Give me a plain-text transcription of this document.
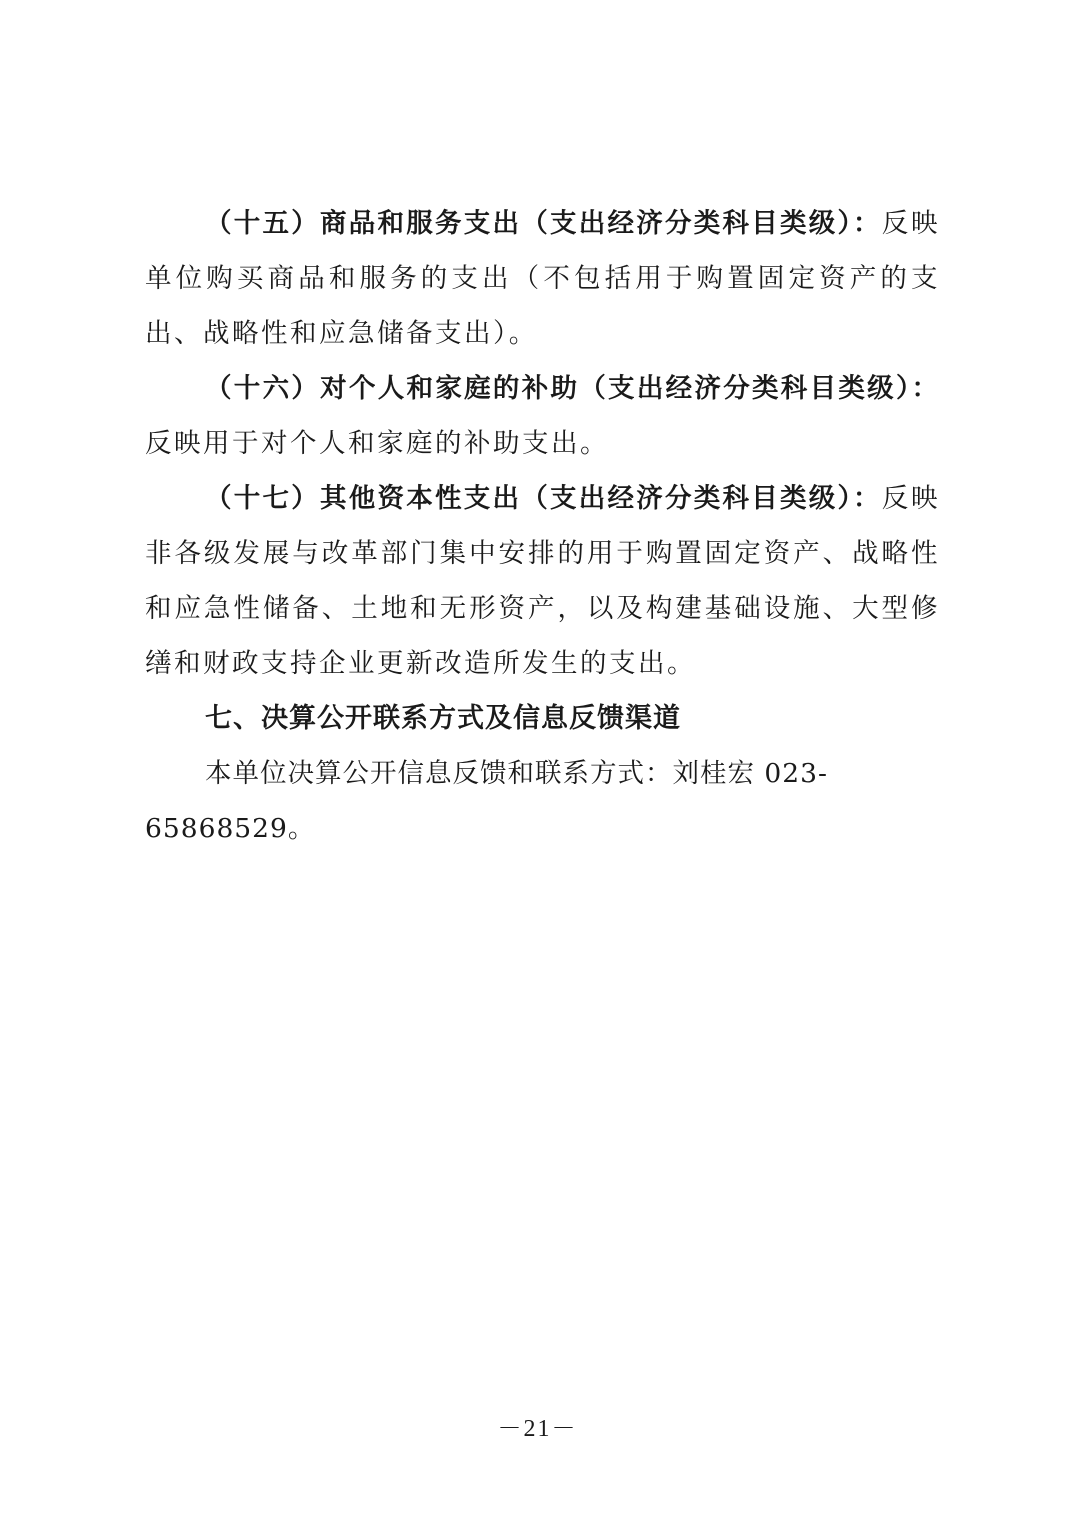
（十五）商品和服务支出（支出经济分类科目类级）：反映单位购买商品和服务的支出（不包括用于购置固定资产的支出、战略性和应急储备支出）。

（十六）对个人和家庭的补助（支出经济分类科目类级）：反映用于对个人和家庭的补助支出。

（十七）其他资本性支出（支出经济分类科目类级）：反映非各级发展与改革部门集中安排的用于购置固定资产、战略性和应急性储备、土地和无形资产，以及构建基础设施、大型修缮和财政支持企业更新改造所发生的支出。

七、决算公开联系方式及信息反馈渠道

本单位决算公开信息反馈和联系方式：刘桂宏 023-65868529。

－21－
